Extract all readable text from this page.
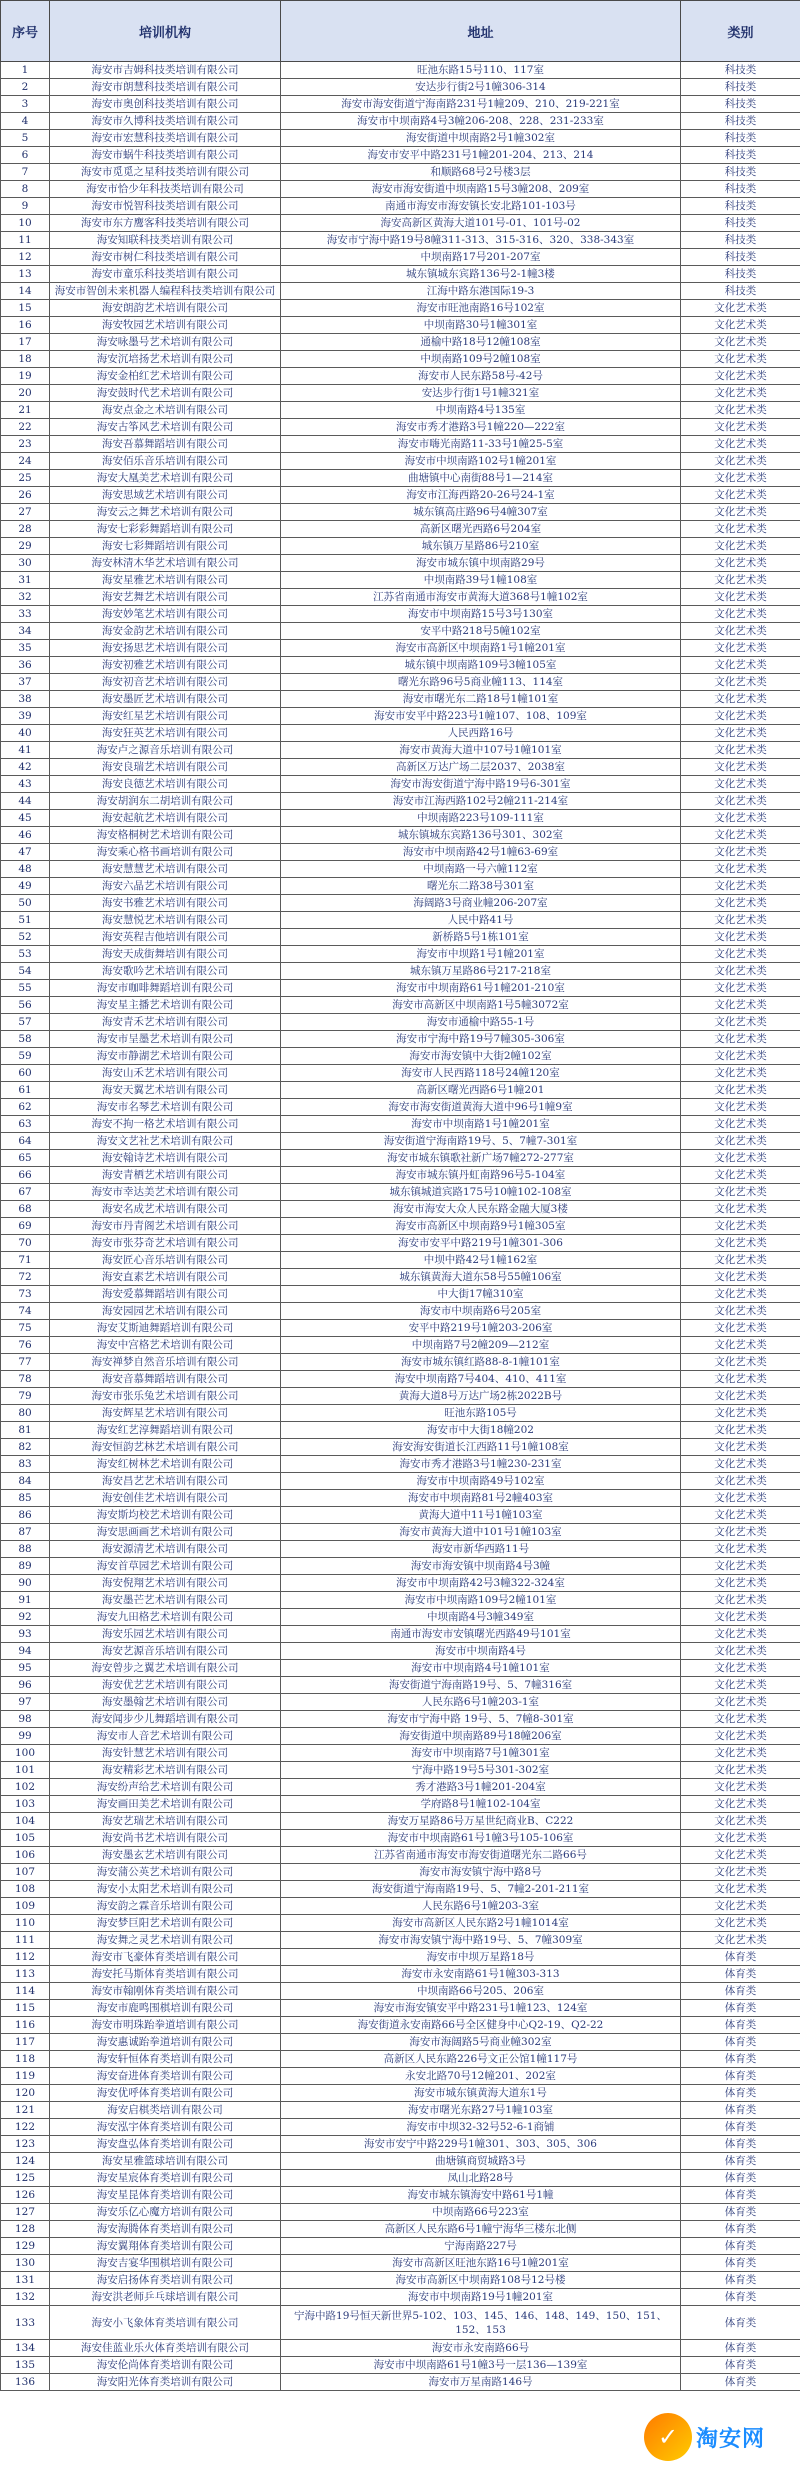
序号	培训机构	地址	类别
1	海安市吉姆科技类培训有限公司	旺池东路15号110、117室	科技类
2	海安市朗慧科技类培训有限公司	安达步行街2号1幢306-314	科技类
3	海安市奥创科技类培训有限公司	海安市海安街道宁海南路231号1幢209、210、219-221室	科技类
4	海安市久博科技类培训有限公司	海安市中坝南路4号3幢206-208、228、231-233室	科技类
5	海安市宏慧科技类培训有限公司	海安街道中坝南路2号1幢302室	科技类
6	海安市蜗牛科技类培训有限公司	海安市安平中路231号1幢201-204、213、214	科技类
7	海安市觅觅之星科技类培训有限公司	和顺路68号2号楼3层	科技类
8	海安市恰少年科技类培训有限公司	海安市海安街道中坝南路15号3幢208、209室	科技类
9	海安市悦智科技类培训有限公司	南通市海安市海安镇长安北路101-103号	科技类
10	海安市东方鹰客科技类培训有限公司	海安高新区黄海大道101号-01、101号-02	科技类
11	海安知联科技类培训有限公司	海安市宁海中路19号8幢311-313、315-316、320、338-343室	科技类
12	海安市树仁科技类培训有限公司	中坝南路17号201-207室	科技类
13	海安市童乐科技类培训有限公司	城东镇城东宾路136号2-1幢3楼	科技类
14	海安市智创未来机器人编程科技类培训有限公司	江海中路东港国际19-3	科技类
15	海安朗韵艺术培训有限公司	海安市旺池南路16号102室	文化艺术类
16	海安牧园艺术培训有限公司	中坝南路30号1幢301室	文化艺术类
17	海安咏墨号艺术培训有限公司	通榆中路18号12幢108室	文化艺术类
18	海安沉培扬艺术培训有限公司	中坝南路109号2幢108室	文化艺术类
19	海安金柏红艺术培训有限公司	海安市人民东路58号-42号	文化艺术类
20	海安鼓时代艺术培训有限公司	安达步行街1号1幢321室	文化艺术类
21	海安点金之术培训有限公司	中坝南路4号135室	文化艺术类
22	海安古筝风艺术培训有限公司	海安市秀才港路3号1幢220—222室	文化艺术类
23	海安吾慕舞蹈培训有限公司	海安市嗨光南路11-33号1幢25-5室	文化艺术类
24	海安佰乐音乐培训有限公司	海安市中坝南路102号1幢201室	文化艺术类
25	海安大凰美艺术培训有限公司	曲塘镇中心南街88号1—214室	文化艺术类
26	海安思域艺术培训有限公司	海安市江海西路20-26号24-1室	文化艺术类
27	海安云之舞艺术培训有限公司	城东镇高庄路96号4幢307室	文化艺术类
28	海安七彩彩舞蹈培训有限公司	高新区曙光西路6号204室	文化艺术类
29	海安七彩舞蹈培训有限公司	城东镇万星路86号210室	文化艺术类
30	海安林清木华艺术培训有限公司	海安市城东镇中坝南路29号	文化艺术类
31	海安星雅艺术培训有限公司	中坝南路39号1幢108室	文化艺术类
32	海安艺舞艺术培训有限公司	江苏省南通市海安市黄海大道368号1幢102室	文化艺术类
33	海安妙笔艺术培训有限公司	海安市中坝南路15号3号130室	文化艺术类
34	海安金韵艺术培训有限公司	安平中路218号5幢102室	文化艺术类
35	海安扬思艺术培训有限公司	海安市高新区中坝南路1号1幢201室	文化艺术类
36	海安初雅艺术培训有限公司	城东镇中坝南路109号3幢105室	文化艺术类
37	海安初音艺术培训有限公司	曙光东路96号5商业幢113、114室	文化艺术类
38	海安墨匠艺术培训有限公司	海安市曙光东二路18号1幢101室	文化艺术类
39	海安红星艺术培训有限公司	海安市安平中路223号1幢107、108、109室	文化艺术类
40	海安狂英艺术培训有限公司	人民西路16号	文化艺术类
41	海安卢之源音乐培训有限公司	海安市黄海大道中107号1幢101室	文化艺术类
42	海安良瑞艺术培训有限公司	高新区万达广场二层2037、2038室	文化艺术类
43	海安良德艺术培训有限公司	海安市海安街道宁海中路19号6-301室	文化艺术类
44	海安胡润东二胡培训有限公司	海安市江海西路102号2幢211-214室	文化艺术类
45	海安起航艺术培训有限公司	中坝南路223号109-111室	文化艺术类
46	海安格桐树艺术培训有限公司	城东镇城东宾路136号301、302室	文化艺术类
47	海安乘心格书画培训有限公司	海安市中坝南路42号1幢63-69室	文化艺术类
48	海安慧慧艺术培训有限公司	中坝南路一号六幢112室	文化艺术类
49	海安六晶艺术培训有限公司	曙光东二路38号301室	文化艺术类
50	海安书雅艺术培训有限公司	海阔路3号商业幢206-207室	文化艺术类
51	海安慧悦艺术培训有限公司	人民中路41号	文化艺术类
52	海安英程吉他培训有限公司	新桥路5号1栋101室	文化艺术类
53	海安天成街舞培训有限公司	海安市中坝路1号1幢201室	文化艺术类
54	海安歌吟艺术培训有限公司	城东镇万星路86号217-218室	文化艺术类
55	海安市咖啡舞蹈培训有限公司	海安市中坝南路61号1幢201-210室	文化艺术类
56	海安星主播艺术培训有限公司	海安市高新区中坝南路1号5幢3072室	文化艺术类
57	海安青禾艺术培训有限公司	海安市通榆中路55-1号	文化艺术类
58	海安市呈墨艺术培训有限公司	海安市宁海中路19号7幢305-306室	文化艺术类
59	海安市静湖艺术培训有限公司	海安市海安镇中大街2幢102室	文化艺术类
60	海安山禾艺术培训有限公司	海安市人民西路118号24幢120室	文化艺术类
61	海安天翼艺术培训有限公司	高新区曙光西路6号1幢201	文化艺术类
62	海安市名琴艺术培训有限公司	海安市海安街道黄海大道中96号1幢9室	文化艺术类
63	海安不拘一格艺术培训有限公司	海安市中坝南路1号1幢201室	文化艺术类
64	海安文艺社艺术培训有限公司	海安街道宁海南路19号、5、7幢7-301室	文化艺术类
65	海安翰诗艺术培训有限公司	海安市城东镇歌社新广场7幢272-277室	文化艺术类
66	海安青栖艺术培训有限公司	海安市城东镇丹虹南路96号5-104室	文化艺术类
67	海安市幸达美艺术培训有限公司	城东镇城道宾路175号10幢102-108室	文化艺术类
68	海安名成艺术培训有限公司	海安市海安大众人民东路金融大厦3楼	文化艺术类
69	海安市丹青阁艺术培训有限公司	海安市高新区中坝南路9号1幢305室	文化艺术类
70	海安市张芬奇艺术培训有限公司	海安市安平中路219号1幢301-306	文化艺术类
71	海安匠心音乐培训有限公司	中坝中路42号1幢162室	文化艺术类
72	海安直素艺术培训有限公司	城东镇黄海大道东58号55幢106室	文化艺术类
73	海安爱慕舞蹈培训有限公司	中大街17幢310室	文化艺术类
74	海安园园艺术培训有限公司	海安市中坝南路6号205室	文化艺术类
75	海安艾斯迪舞蹈培训有限公司	安平中路219号1幢203-206室	文化艺术类
76	海安中宫格艺术培训有限公司	中坝南路7号2幢209—212室	文化艺术类
77	海安禅梦自然音乐培训有限公司	海安市城东镇红路88-8-1幢101室	文化艺术类
78	海安音慕舞蹈培训有限公司	海安中坝南路7号404、410、411室	文化艺术类
79	海安市张乐兔艺术培训有限公司	黄海大道8号万达广场2栋2022B号	文化艺术类
80	海安辉星艺术培训有限公司	旺池东路105号	文化艺术类
81	海安红艺淳舞蹈培训有限公司	海安市中大街18幢202	文化艺术类
82	海安恒韵艺林艺术培训有限公司	海安海安街道长江西路11号1幢108室	文化艺术类
83	海安红树林艺术培训有限公司	海安市秀才港路3号1幢230-231室	文化艺术类
84	海安昌艺艺术培训有限公司	海安市中坝南路49号102室	文化艺术类
85	海安创佳艺术培训有限公司	海安市中坝南路81号2幢403室	文化艺术类
86	海安斯均校艺术培训有限公司	黄海大道中11号1幢103室	文化艺术类
87	海安思画画艺术培训有限公司	海安市黄海大道中101号1幢103室	文化艺术类
88	海安源清艺术培训有限公司	海安市新华西路11号	文化艺术类
89	海安首草园艺术培训有限公司	海安市海安镇中坝南路4号3幢	文化艺术类
90	海安倪翔艺术培训有限公司	海安市中坝南路42号3幢322-324室	文化艺术类
91	海安墨芒艺术培训有限公司	海安市中坝南路109号2幢101室	文化艺术类
92	海安九田格艺术培训有限公司	中坝南路4号3幢349室	文化艺术类
93	海安乐园艺术培训有限公司	南通市海安市安镇曙光西路49号101室	文化艺术类
94	海安艺源音乐培训有限公司	海安市中坝南路4号	文化艺术类
95	海安曾步之翼艺术培训有限公司	海安市中坝南路4号1幢101室	文化艺术类
96	海安优艺艺术培训有限公司	海安街道宁海南路19号、5、7幢316室	文化艺术类
97	海安墨翰艺术培训有限公司	人民东路6号1幢203-1室	文化艺术类
98	海安闻步少儿舞蹈培训有限公司	海安市宁海中路 19号、5、7幢8-301室	文化艺术类
99	海安市人音艺术培训有限公司	海安街道中坝南路89号18幢206室	文化艺术类
100	海安针慧艺术培训有限公司	海安市中坝南路7号1幢301室	文化艺术类
101	海安精彩艺术培训有限公司	宁海中路19号5号301-302室	文化艺术类
102	海安纷声给艺术培训有限公司	秀才港路3号1幢201-204室	文化艺术类
103	海安画田美艺术培训有限公司	学府路8号1幢102-104室	文化艺术类
104	海安艺瑞艺术培训有限公司	海安万星路86号万星世纪商业B、C222	文化艺术类
105	海安尚书艺术培训有限公司	海安市中坝南路61号1幢3号105-106室	文化艺术类
106	海安墨玄艺术培训有限公司	江苏省南通市海安市海安街道曙光东二路66号	文化艺术类
107	海安蒲公英艺术培训有限公司	海安市海安镇宁海中路8号	文化艺术类
108	海安小太阳艺术培训有限公司	海安街道宁海南路19号、5、7幢2-201-211室	文化艺术类
109	海安韵之霖音乐培训有限公司	人民东路6号1幢203-3室	文化艺术类
110	海安梦巨阳艺术培训有限公司	海安市高新区人民东路2号1幢1014室	文化艺术类
111	海安舞之灵艺术培训有限公司	海安市海安镇宁海中路19号、5、7幢309室	文化艺术类
112	海安市飞豪体育类培训有限公司	海安市中坝万星路18号	体育类
113	海安托马斯体育类培训有限公司	海安市永安南路61号1幢303-313	体育类
114	海安市翰刚体育类培训有限公司	中坝南路66号205、206室	体育类
115	海安市鹿鸣围棋培训有限公司	海安市海安镇安平中路231号1幢123、124室	体育类
116	海安市明珠跆拳道培训有限公司	海安街道永安南路66号全区健身中心Q2-19、Q2-22	体育类
117	海安惠诚跆拳道培训有限公司	海安市海阔路5号商业幢302室	体育类
118	海安轩恒体育类培训有限公司	高新区人民东路226号文正公馆1幢117号	体育类
119	海安奋进体育类培训有限公司	永安北路70号12幢201、202室	体育类
120	海安优呼体育类培训有限公司	海安市城东镇黄海大道东1号	体育类
121	海安启棋类培训有限公司	海安市曙光东路27号1幢103室	体育类
122	海安泓宇体育类培训有限公司	海安市中坝32-32号52-6-1商铺	体育类
123	海安盘弘体育类培训有限公司	海安市安宁中路229号1幢301、303、305、306	体育类
124	海安星雅篮球培训有限公司	曲塘镇商贸城路3号	体育类
125	海安星宸体育类培训有限公司	凤山北路28号	体育类
126	海安星昆体育类培训有限公司	海安市城东镇海安中路61号1幢	体育类
127	海安乐亿心魔方培训有限公司	中坝南路66号223室	体育类
128	海安海腾体育类培训有限公司	高新区人民东路6号1幢宁海华三楼东北侧	体育类
129	海安翼翔体育类培训有限公司	宁海南路227号	体育类
130	海安吉宴华围棋培训有限公司	海安市高新区旺池东路16号1幢201室	体育类
131	海安启扬体育类培训有限公司	海安市高新区中坝南路108号12号楼	体育类
132	海安洪老师乒乓球培训有限公司	海安市中坝南路19号1幢201室	体育类
133	海安小飞象体育类培训有限公司	宁海中路19号恒天新世界5-102、103、145、146、148、149、150、151、152、153	体育类
134	海安佳蓝业乐火体育类培训有限公司	海安市永安南路66号	体育类
135	海安伦尚体育类培训有限公司	海安市中坝南路61号1幢3号一层136—139室	体育类
136	海安阳光体育类培训有限公司	海安市万星南路146号	体育类
✓ 淘安网
